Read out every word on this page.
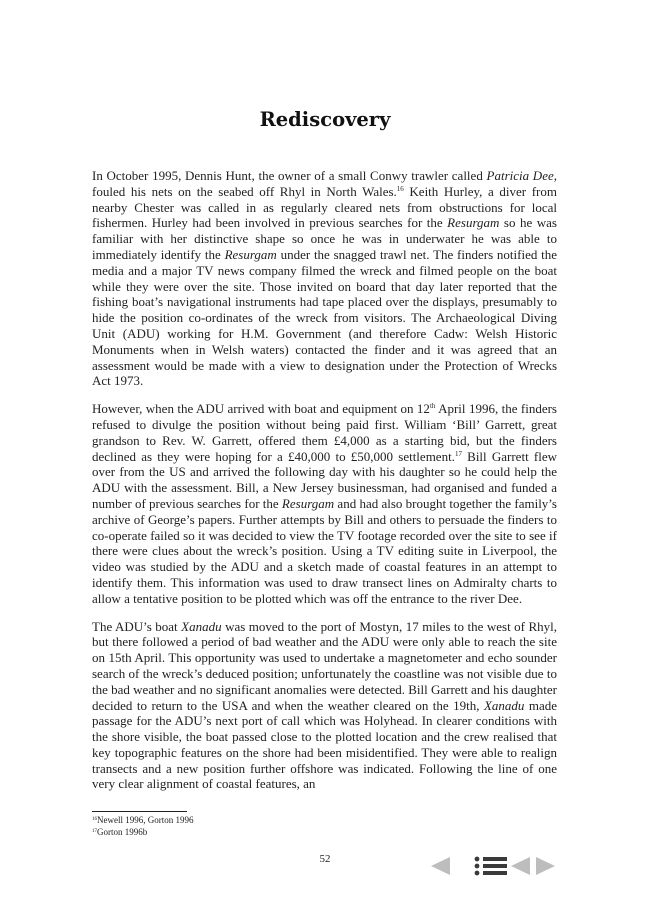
Rediscovery

In October 1995, Dennis Hunt, the owner of a small Conwy trawler called Patricia Dee, fouled his nets on the seabed off Rhyl in North Wales.$^{16}$ Keith Hurley, a diver from nearby Chester was called in as regularly cleared nets from obstructions for local fishermen. Hurley had been involved in previous searches for the Resurgam so he was familiar with her distinctive shape so once he was in underwater he was able to immediately identify the Resurgam under the snagged trawl net. The finders notified the media and a major TV news company filmed the wreck and filmed people on the boat while they were over the site. Those invited on board that day later reported that the fishing boat’s navigational instruments had tape placed over the displays, presumably to hide the position co-ordinates of the wreck from visitors. The Archaeological Diving Unit (ADU) working for H.M. Government (and therefore Cadw: Welsh Historic Monuments when in Welsh waters) contacted the finder and it was agreed that an assessment would be made with a view to designation under the Protection of Wrecks Act 1973.

However, when the ADU arrived with boat and equipment on 12th April 1996, the finders refused to divulge the position without being paid first. William ‘Bill’ Garrett, great grandson to Rev. W. Garrett, offered them £4,000 as a starting bid, but the finders declined as they were hoping for a £40,000 to £50,000 settlement.$^{17}$ Bill Garrett flew over from the US and arrived the following day with his daughter so he could help the ADU with the assessment. Bill, a New Jersey businessman, had organised and funded a number of previous searches for the Resurgam and had also brought together the family’s archive of George’s papers. Further attempts by Bill and others to persuade the finders to co-operate failed so it was decided to view the TV footage recorded over the site to see if there were clues about the wreck’s position. Using a TV editing suite in Liverpool, the video was studied by the ADU and a sketch made of coastal features in an attempt to identify them. This information was used to draw transect lines on Admiralty charts to allow a tentative position to be plotted which was off the entrance to the river Dee.

The ADU’s boat Xanadu was moved to the port of Mostyn, 17 miles to the west of Rhyl, but there followed a period of bad weather and the ADU were only able to reach the site on 15th April. This opportunity was used to undertake a magnetometer and echo sounder search of the wreck’s deduced position; unfortunately the coastline was not visible due to the bad weather and no significant anomalies were detected. Bill Garrett and his daughter decided to return to the USA and when the weather cleared on the 19th, Xanadu made passage for the ADU’s next port of call which was Holyhead. In clearer conditions with the shore visible, the boat passed close to the plotted location and the crew realised that key topographic features on the shore had been misidentified. They were able to realign transects and a new position further offshore was indicated. Following the line of one very clear alignment of coastal features, an

$^{16}$Newell 1996, Gorton 1996
$^{17}$Gorton 1996b
52
